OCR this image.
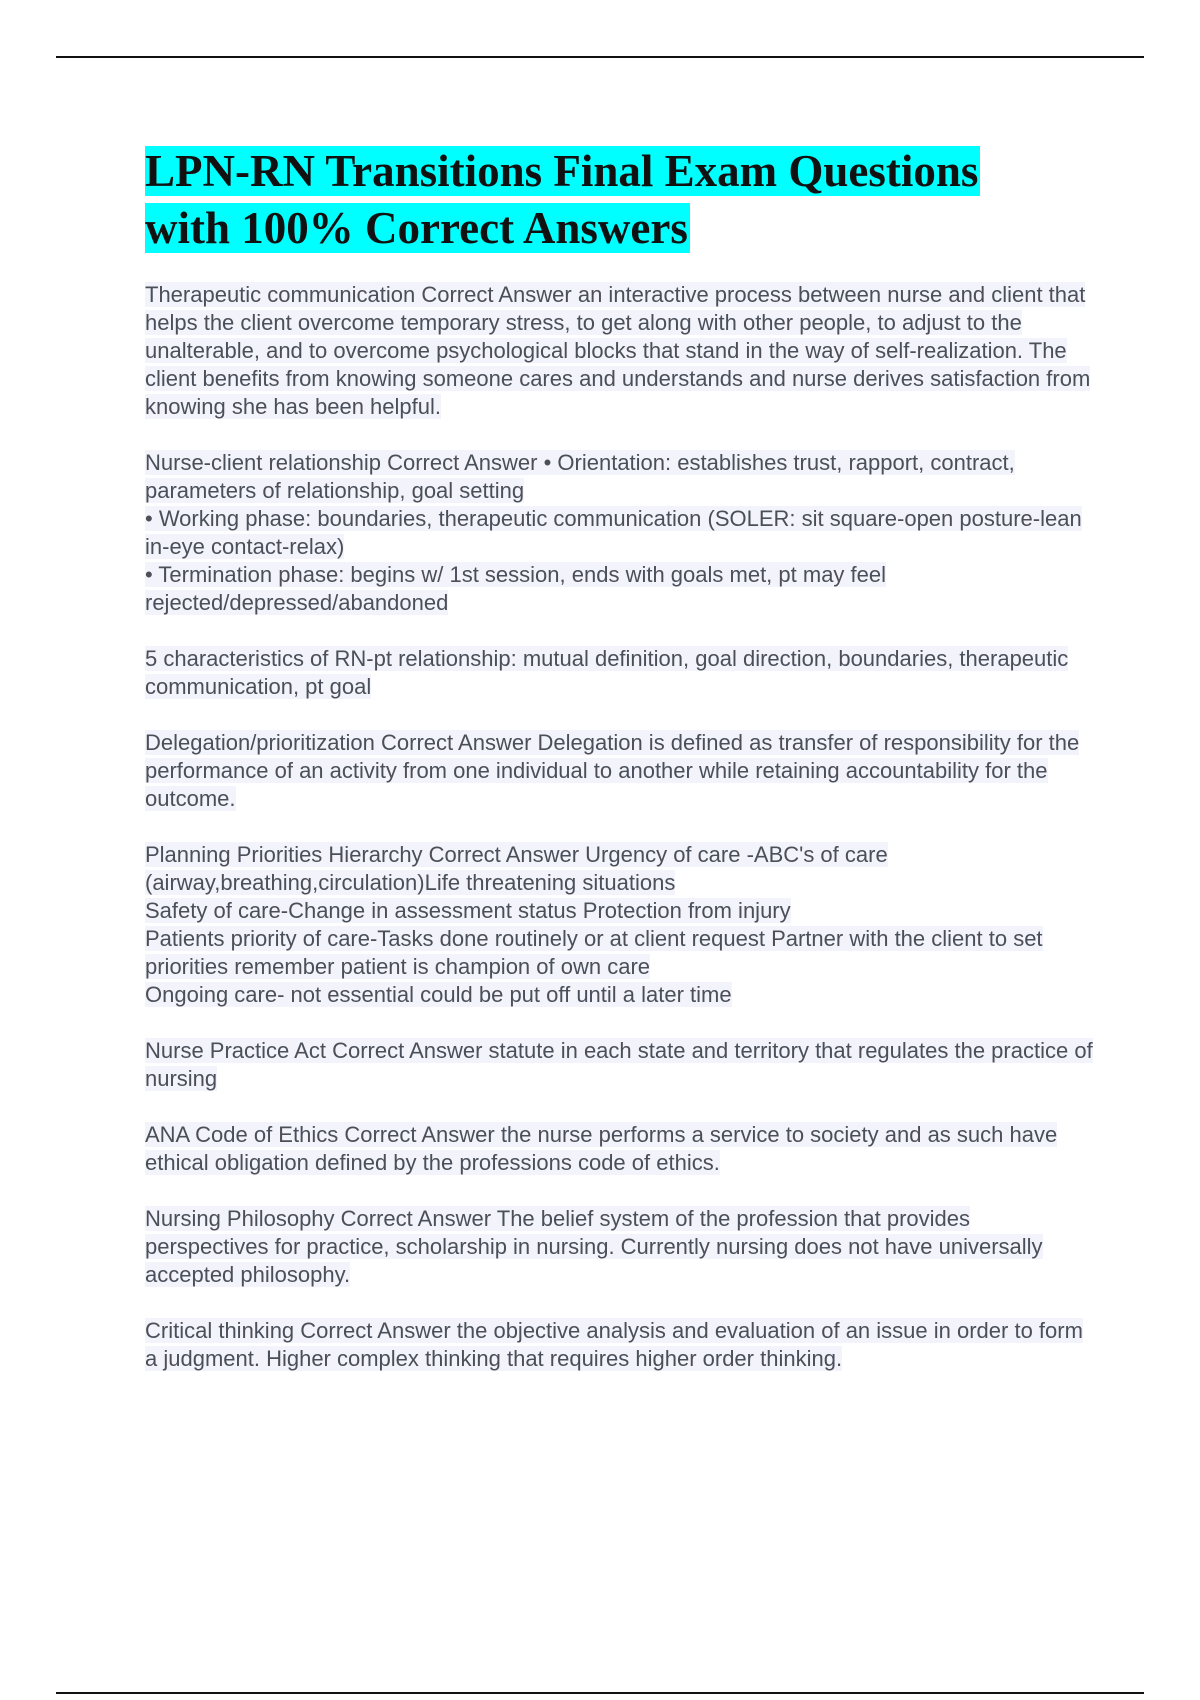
LPN-RN Transitions Final Exam Questions
with 100% Correct Answers
Therapeutic communication Correct Answer an interactive process between nurse and client that helps the client overcome temporary stress, to get along with other people, to adjust to the unalterable, and to overcome psychological blocks that stand in the way of self-realization. The client benefits from knowing someone cares and understands and nurse derives satisfaction from knowing she has been helpful.
Nurse-client relationship Correct Answer • Orientation: establishes trust, rapport, contract, parameters of relationship, goal setting
• Working phase: boundaries, therapeutic communication (SOLER: sit square-open posture-lean in-eye contact-relax)
• Termination phase: begins w/ 1st session, ends with goals met, pt may feel rejected/depressed/abandoned
5 characteristics of RN-pt relationship: mutual definition, goal direction, boundaries, therapeutic communication, pt goal
Delegation/prioritization Correct Answer Delegation is defined as transfer of responsibility for the performance of an activity from one individual to another while retaining accountability for the outcome.
Planning Priorities Hierarchy Correct Answer Urgency of care -ABC's of care (airway,breathing,circulation)Life threatening situations
Safety of care-Change in assessment status Protection from injury
Patients priority of care-Tasks done routinely or at client request Partner with the client to set priorities remember patient is champion of own care
Ongoing care- not essential could be put off until a later time
Nurse Practice Act Correct Answer statute in each state and territory that regulates the practice of nursing
ANA Code of Ethics Correct Answer the nurse performs a service to society and as such have ethical obligation defined by the professions code of ethics.
Nursing Philosophy Correct Answer The belief system of the profession that provides perspectives for practice, scholarship in nursing. Currently nursing does not have universally accepted philosophy.
Critical thinking Correct Answer the objective analysis and evaluation of an issue in order to form a judgment. Higher complex thinking that requires higher order thinking.
